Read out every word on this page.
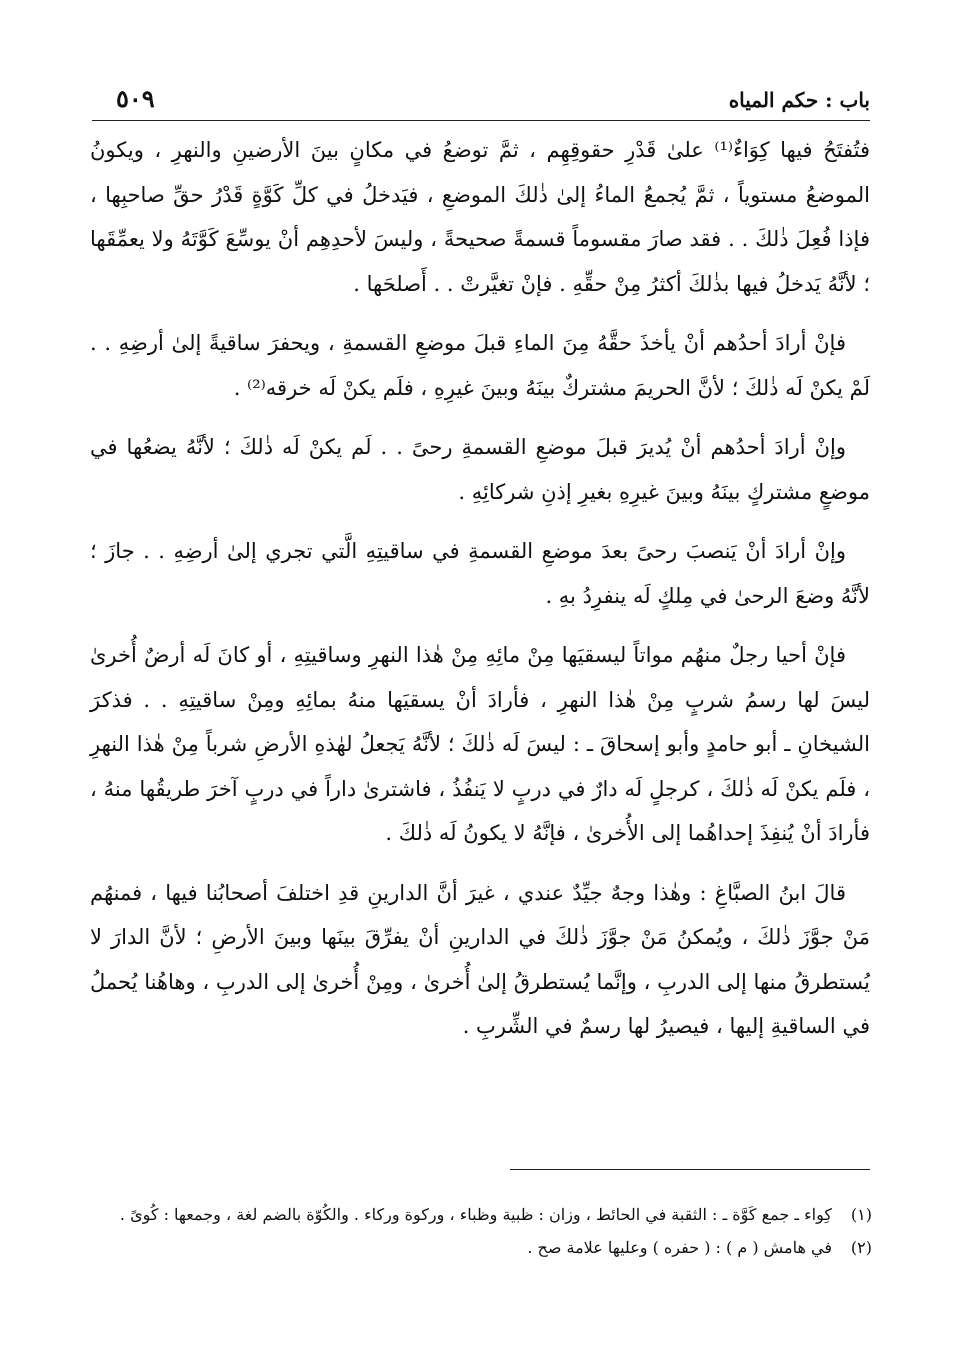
باب : حكم المياه
٥٠٩

فتُفتَحُ فيها كِوَاءٌ⁽¹⁾ علىٰ قَدْرِ حقوقِهِم ، ثمَّ توضعُ في مكانٍ بينَ الأرضينِ والنهرِ ، ويكونُ الموضعُ مستوياً ، ثمَّ يُجمعُ الماءُ إلىٰ ذٰلكَ الموضعِ ، فيَدخلُ في كلِّ كَوَّةٍ قَدْرُ حقِّ صاحبِها ، فإذا فُعِلَ ذٰلكَ . . فقد صارَ مقسوماً قسمةً صحيحةً ، وليسَ لأحدِهِم أنْ يوسِّعَ كَوَّتَهُ ولا يعمِّقَها ؛ لأنَّهُ يَدخلُ فيها بذٰلكَ أكثرُ مِنْ حقِّهِ . فإنْ تغيَّرتْ . . أَصلحَها .

فإنْ أرادَ أحدُهم أنْ يأخذَ حقَّهُ مِنَ الماءِ قبلَ موضعِ القسمةِ ، ويحفرَ ساقيةً إلىٰ أرضِهِ . . لَمْ يكنْ لَه ذٰلكَ ؛ لأنَّ الحريمَ مشتركٌ بينَهُ وبينَ غيرِهِ ، فلَم يكنْ لَه خرقه⁽²⁾ .

وإنْ أرادَ أحدُهم أنْ يُديرَ قبلَ موضعِ القسمةِ رحىً . . لَم يكنْ لَه ذٰلكَ ؛ لأنَّهُ يضعُها في موضعٍ مشتركٍ بينَهُ وبينَ غيرِهِ بغيرِ إذنِ شركائِهِ .

وإنْ أرادَ أنْ يَنصبَ رحىً بعدَ موضعِ القسمةِ في ساقيتِهِ الَّتي تجري إلىٰ أرضِهِ . . جازَ ؛ لأنَّهُ وضعَ الرحىٰ في مِلكٍ لَه ينفرِدُ بهِ .

فإنْ أحيا رجلٌ منهُم مواتاً ليسقيَها مِنْ مائِهِ مِنْ هٰذا النهرِ وساقيتِهِ ، أو كانَ لَه أرضٌ أُخرىٰ ليسَ لها رسمُ شربٍ مِنْ هٰذا النهرِ ، فأرادَ أنْ يسقيَها منهُ بمائِهِ ومِنْ ساقيتِهِ . . فذكرَ الشيخانِ ـ أبو حامدٍ وأبو إسحاقَ ـ : ليسَ لَه ذٰلكَ ؛ لأنَّهُ يَجعلُ لهٰذهِ الأرضِ شرباً مِنْ هٰذا النهرِ ، فلَم يكنْ لَه ذٰلكَ ، كرجلٍ لَه دارٌ في دربٍ لا يَنفُذُ ، فاشترىٰ داراً في دربٍ آخرَ طريقُها منهُ ، فأرادَ أنْ يُنفِذَ إحداهُما إلى الأُخرىٰ ، فإنَّهُ لا يكونُ لَه ذٰلكَ .

قالَ ابنُ الصبَّاغِ : وهٰذا وجهٌ جيِّدٌ عندي ، غيرَ أنَّ الدارينِ قدِ اختلفَ أصحابُنا فيها ، فمنهُم مَنْ جوَّزَ ذٰلكَ ، ويُمكنُ مَنْ جوَّزَ ذٰلكَ في الدارينِ أنْ يفرِّقَ بينَها وبينَ الأرضِ ؛ لأنَّ الدارَ لا يُستطرقُ منها إلى الدربِ ، وإنَّما يُستطرقُ إلىٰ أُخرىٰ ، ومِنْ أُخرىٰ إلى الدربِ ، وهاهُنا يُحملُ في الساقيةِ إليها ، فيصيرُ لها رسمٌ في الشِّربِ .

(١)
كِواء ـ جمع كَوَّة ـ : الثقبة في الحائط ، وزان : ظبية وظباء ، وركوة وركاء . والكُوّة بالضم لغة ، وجمعها : كُوىً .
(٢)
في هامش ( م ) : ( حفره ) وعليها علامة صح .
